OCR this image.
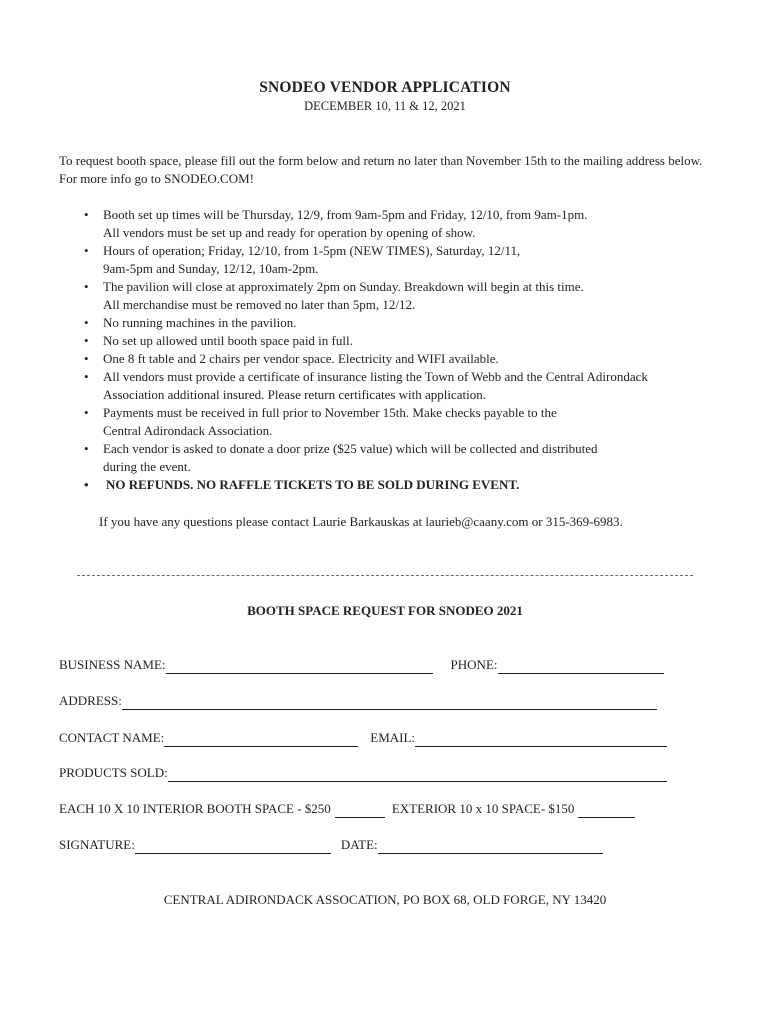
SNODEO VENDOR APPLICATION
DECEMBER 10, 11 & 12, 2021
To request booth space, please fill out the form below and return no later than November 15th to the mailing address below. For more info go to SNODEO.COM!
• Booth set up times will be Thursday, 12/9, from 9am-5pm and Friday, 12/10, from 9am-1pm.
All vendors must be set up and ready for operation by opening of show.
• Hours of operation; Friday, 12/10, from 1-5pm (NEW TIMES), Saturday, 12/11,
9am-5pm and Sunday, 12/12, 10am-2pm.
• The pavilion will close at approximately 2pm on Sunday. Breakdown will begin at this time.
All merchandise must be removed no later than 5pm, 12/12.
• No running machines in the pavilion.
• No set up allowed until booth space paid in full.
• One 8 ft table and 2 chairs per vendor space. Electricity and WIFI available.
• All vendors must provide a certificate of insurance listing the Town of Webb and the Central Adirondack
Association additional insured. Please return certificates with application.
• Payments must be received in full prior to November 15th. Make checks payable to the
Central Adirondack Association.
• Each vendor is asked to donate a door prize ($25 value) which will be collected and distributed
during the event.
• NO REFUNDS. NO RAFFLE TICKETS TO BE SOLD DURING EVENT.
If you have any questions please contact Laurie Barkauskas at laurieb@caany.com or 315-369-6983.
BOOTH SPACE REQUEST FOR SNODEO 2021
BUSINESS NAME:	PHONE:
ADDRESS:
CONTACT NAME:	EMAIL:
PRODUCTS SOLD:
EACH 10 X 10 INTERIOR BOOTH SPACE - $250	EXTERIOR 10 x 10 SPACE- $150
SIGNATURE:	DATE:
CENTRAL ADIRONDACK ASSOCATION, PO BOX 68, OLD FORGE, NY 13420
